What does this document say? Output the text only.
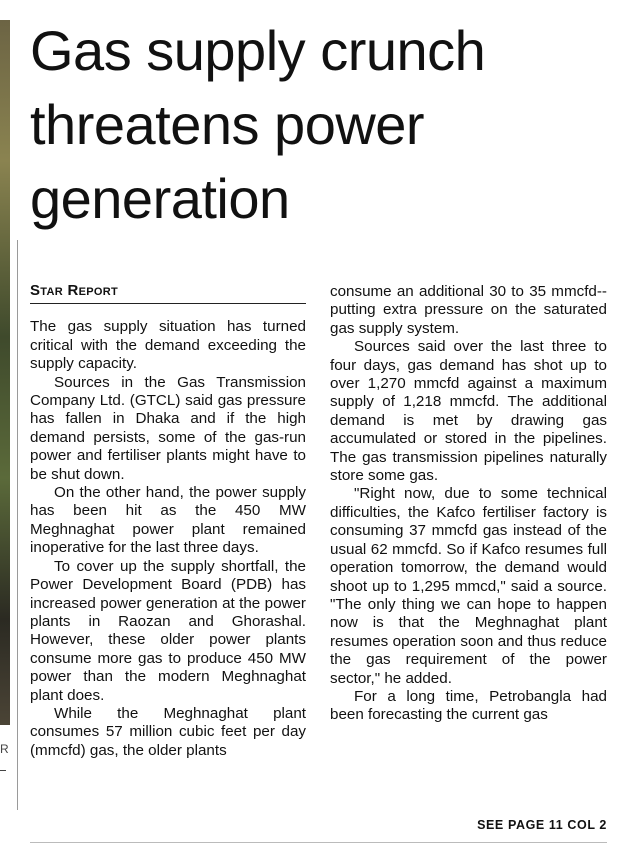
R
Gas supply crunch threatens power generation
Star Report

The gas supply situation has turned critical with the demand exceeding the supply capacity.

Sources in the Gas Transmission Company Ltd. (GTCL) said gas pressure has fallen in Dhaka and if the high demand persists, some of the gas-run power and fertiliser plants might have to be shut down.

On the other hand, the power supply has been hit as the 450 MW Meghnaghat power plant remained inoperative for the last three days.

To cover up the supply shortfall, the Power Development Board (PDB) has increased power generation at the power plants in Raozan and Ghorashal. However, these older power plants consume more gas to produce 450 MW power than the modern Meghnaghat plant does.

While the Meghnaghat plant consumes 57 million cubic feet per day (mmcfd) gas, the older plants

consume an additional 30 to 35 mmcfd-- putting extra pressure on the saturated gas supply system.

Sources said over the last three to four days, gas demand has shot up to over 1,270 mmcfd against a maximum supply of 1,218 mmcfd. The additional demand is met by drawing gas accumulated or stored in the pipelines. The gas transmission pipelines naturally store some gas.

"Right now, due to some technical difficulties, the Kafco fertiliser factory is consuming 37 mmcfd gas instead of the usual 62 mmcfd. So if Kafco resumes full operation tomorrow, the demand would shoot up to 1,295 mmcd," said a source. "The only thing we can hope to happen now is that the Meghnaghat plant resumes operation soon and thus reduce the gas requirement of the power sector," he added.

For a long time, Petrobangla had been forecasting the current gas

SEE PAGE 11 COL 2
